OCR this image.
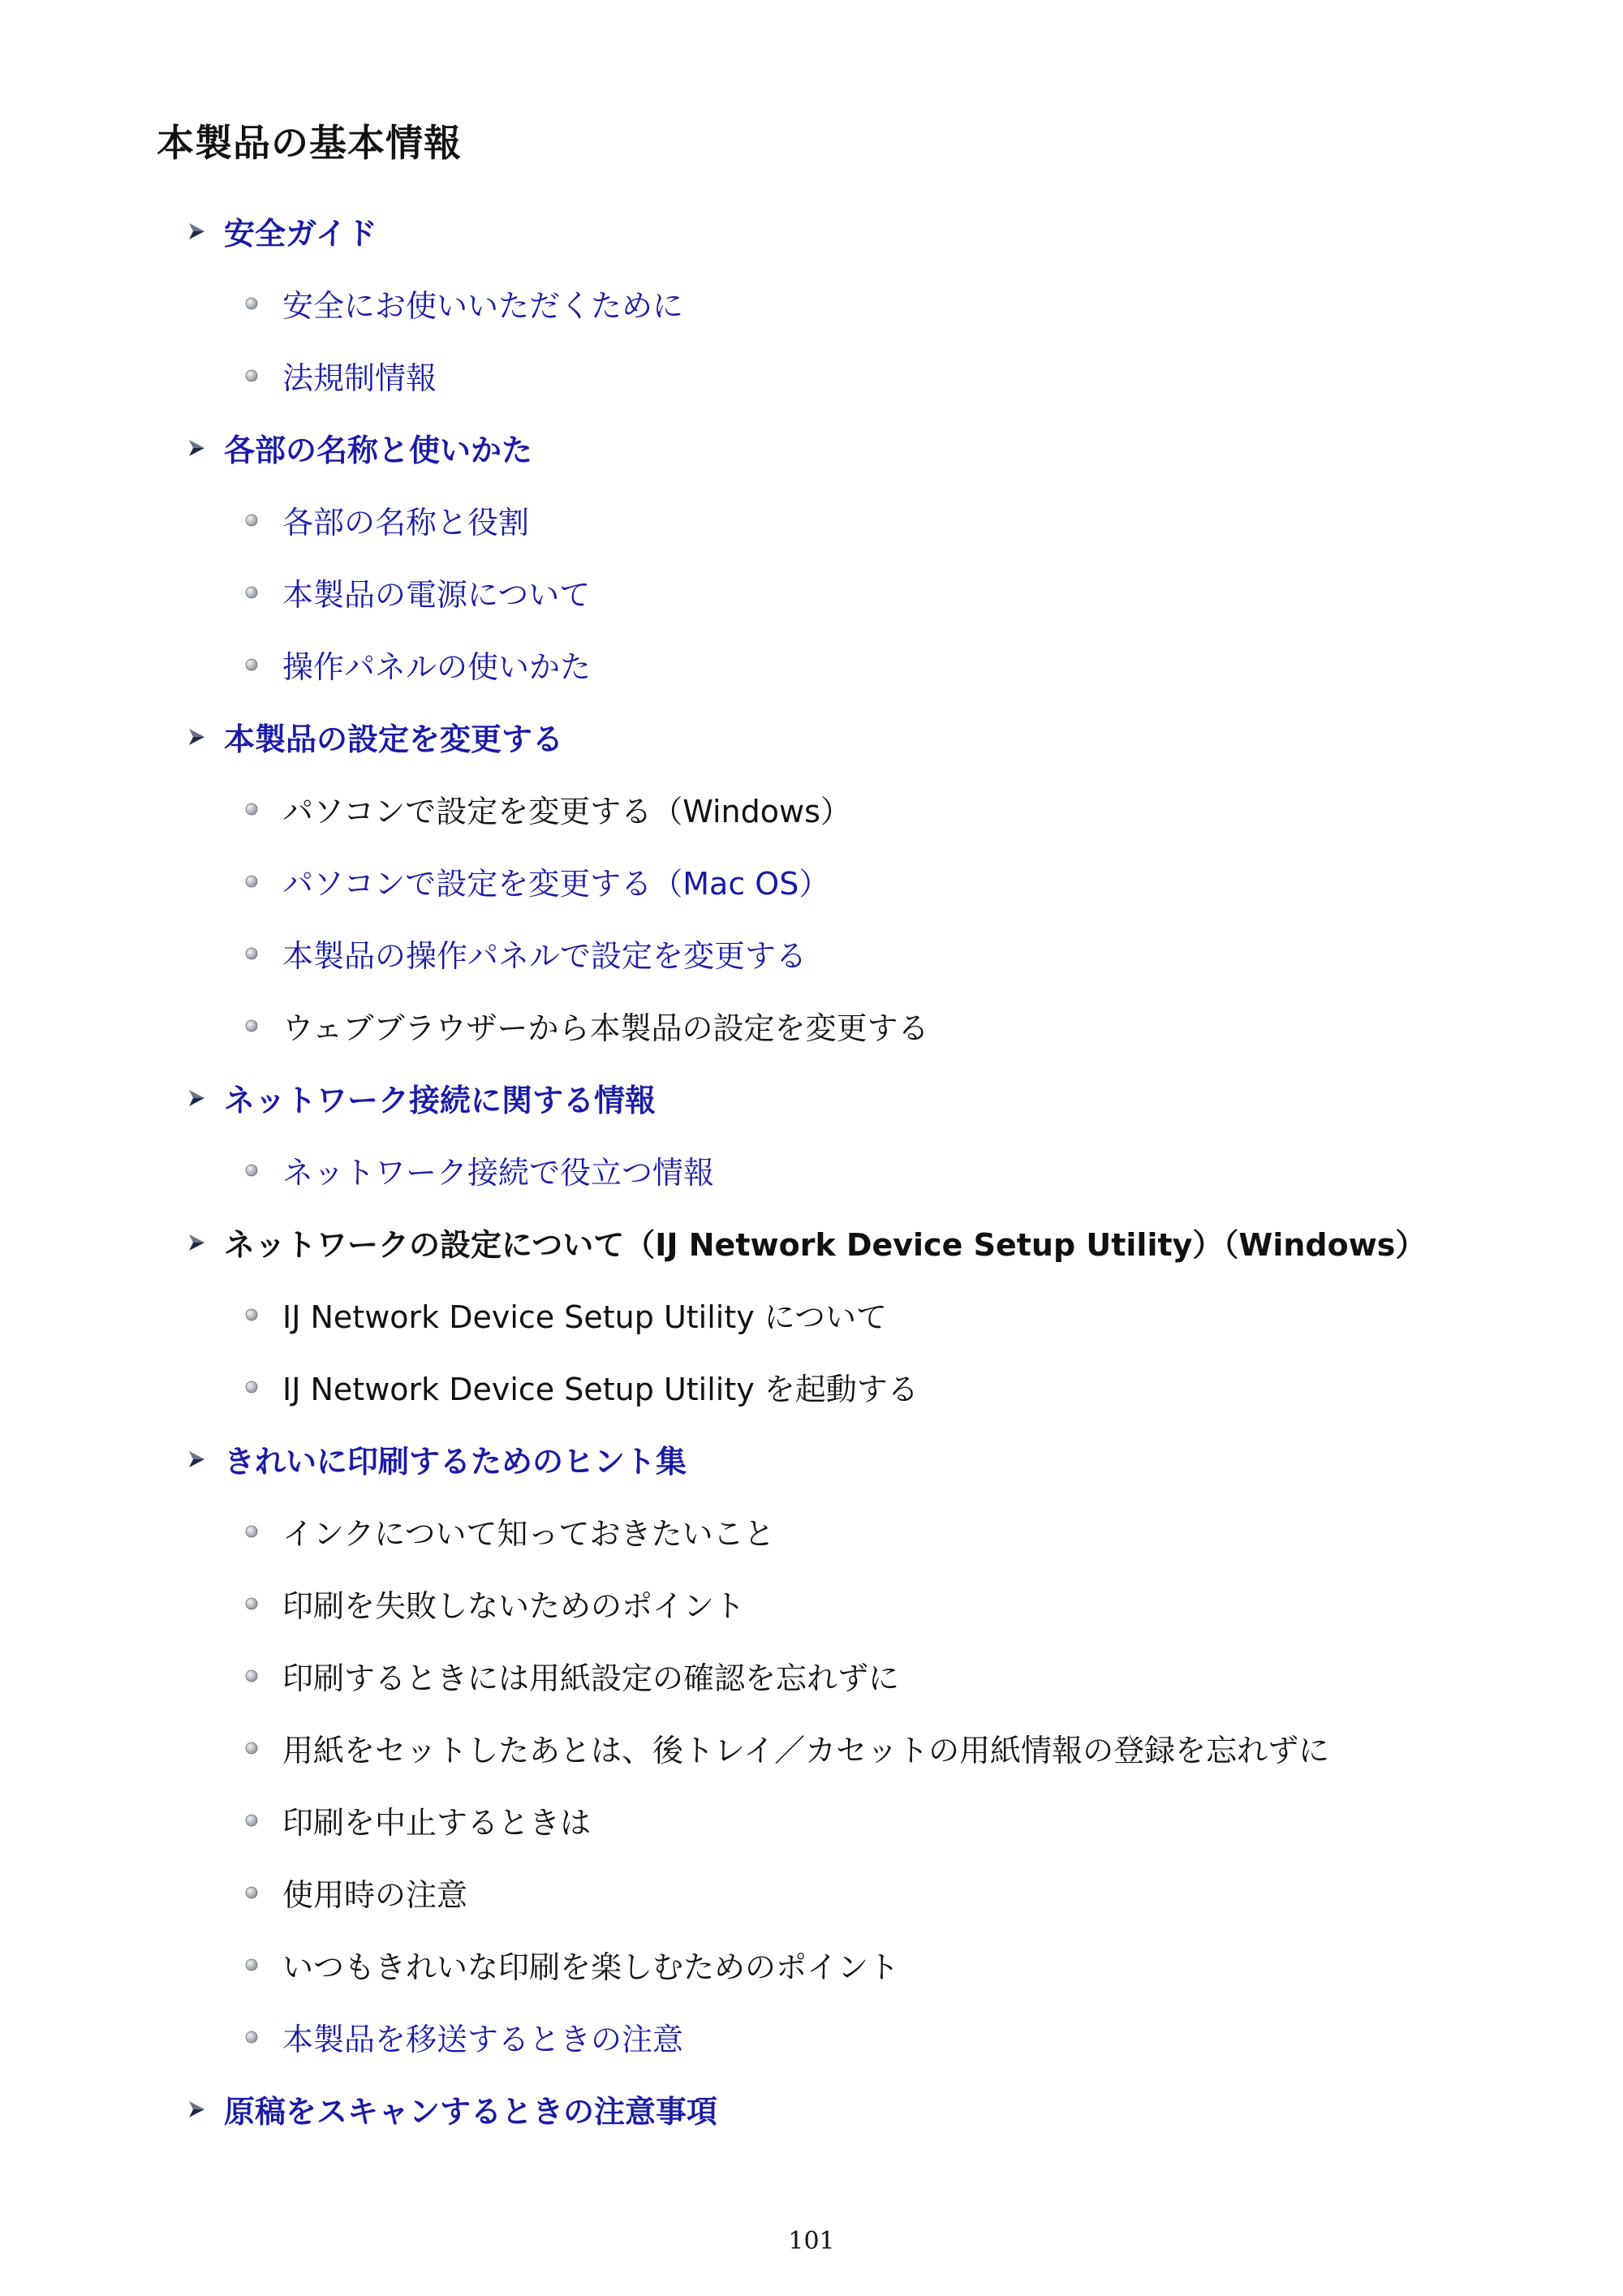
本製品の基本情報
安全ガイド
安全にお使いいただくために
法規制情報
各部の名称と使いかた
各部の名称と役割
本製品の電源について
操作パネルの使いかた
本製品の設定を変更する
パソコンで設定を変更する（Windows）
パソコンで設定を変更する（Mac OS）
本製品の操作パネルで設定を変更する
ウェブブラウザーから本製品の設定を変更する
ネットワーク接続に関する情報
ネットワーク接続で役立つ情報
ネットワークの設定について（IJ Network Device Setup Utility）（Windows）
IJ Network Device Setup Utility について
IJ Network Device Setup Utility を起動する
きれいに印刷するためのヒント集
インクについて知っておきたいこと
印刷を失敗しないためのポイント
印刷するときには用紙設定の確認を忘れずに
用紙をセットしたあとは、後トレイ／カセットの用紙情報の登録を忘れずに
印刷を中止するときは
使用時の注意
いつもきれいな印刷を楽しむためのポイント
本製品を移送するときの注意
原稿をスキャンするときの注意事項
101
